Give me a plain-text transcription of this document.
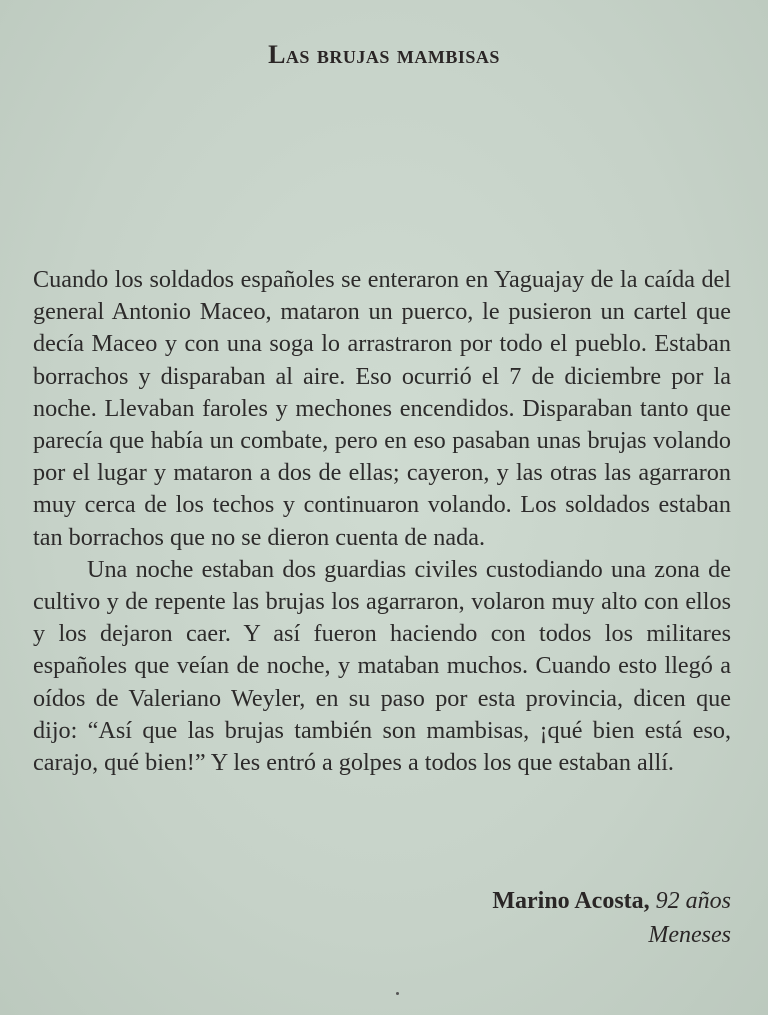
Las brujas mambisas

Cuando los soldados españoles se enteraron en Yaguajay de la caída del general Antonio Maceo, mataron un puerco, le pusieron un cartel que decía Maceo y con una soga lo arrastraron por todo el pueblo. Estaban borrachos y disparaban al aire. Eso ocurrió el 7 de diciembre por la noche. Llevaban faroles y mechones encendidos. Disparaban tanto que parecía que había un combate, pero en eso pasaban unas brujas volando por el lugar y mataron a dos de ellas; cayeron, y las otras las agarraron muy cerca de los techos y continuaron volando. Los soldados estaban tan borrachos que no se dieron cuenta de nada.

Una noche estaban dos guardias civiles custodiando una zona de cultivo y de repente las brujas los agarraron, volaron muy alto con ellos y los dejaron caer. Y así fueron haciendo con todos los militares españoles que veían de noche, y mataban muchos. Cuando esto llegó a oídos de Valeriano Weyler, en su paso por esta provincia, dicen que dijo: “Así que las brujas también son mambisas, ¡qué bien está eso, carajo, qué bien!” Y les entró a golpes a todos los que estaban allí.

Marino Acosta, 92 años
Meneses
